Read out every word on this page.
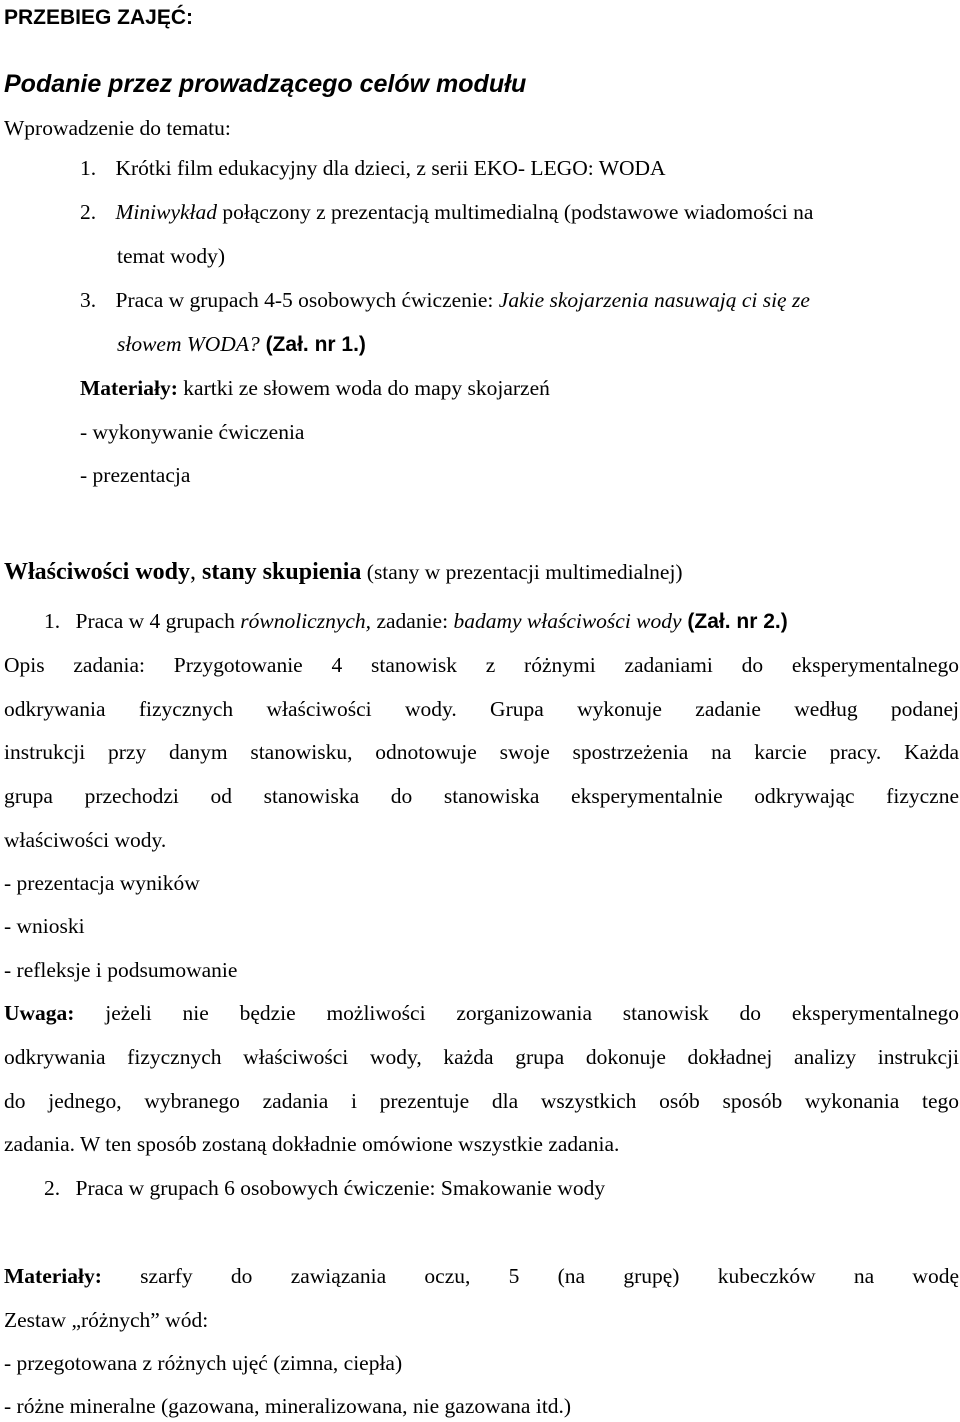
PRZEBIEG ZAJĘĆ:
Podanie przez prowadzącego celów modułu
Wprowadzenie do tematu:
1. Krótki film edukacyjny dla dzieci, z serii EKO- LEGO: WODA
2. Miniwykład połączony z prezentacją multimedialną (podstawowe wiadomości na
temat wody)
3. Praca w grupach 4-5 osobowych ćwiczenie: Jakie skojarzenia nasuwają ci się ze
słowem WODA? (Zał. nr 1.)
Materiały: kartki ze słowem woda do mapy skojarzeń
- wykonywanie ćwiczenia
- prezentacja
Właściwości wody, stany skupienia (stany w prezentacji multimedialnej)
1. Praca w 4 grupach równolicznych, zadanie: badamy właściwości wody (Zał. nr 2.)
Opis zadania: Przygotowanie 4 stanowisk z różnymi zadaniami do eksperymentalnego
odkrywania fizycznych właściwości wody. Grupa wykonuje zadanie według podanej
instrukcji przy danym stanowisku, odnotowuje swoje spostrzeżenia na karcie pracy. Każda
grupa przechodzi od stanowiska do stanowiska eksperymentalnie odkrywając fizyczne
właściwości wody.
- prezentacja wyników
- wnioski
- refleksje i podsumowanie
Uwaga: jeżeli nie będzie możliwości zorganizowania stanowisk do eksperymentalnego
odkrywania fizycznych właściwości wody, każda grupa dokonuje dokładnej analizy instrukcji
do jednego, wybranego zadania i prezentuje dla wszystkich osób sposób wykonania tego
zadania. W ten sposób zostaną dokładnie omówione wszystkie zadania.
2. Praca w grupach 6 osobowych ćwiczenie: Smakowanie wody
Materiały: szarfy do zawiązania oczu, 5 (na grupę) kubeczków na wodę
Zestaw „różnych” wód:
- przegotowana z różnych ujęć (zimna, ciepła)
- różne mineralne (gazowana, mineralizowana, nie gazowana itd.)
